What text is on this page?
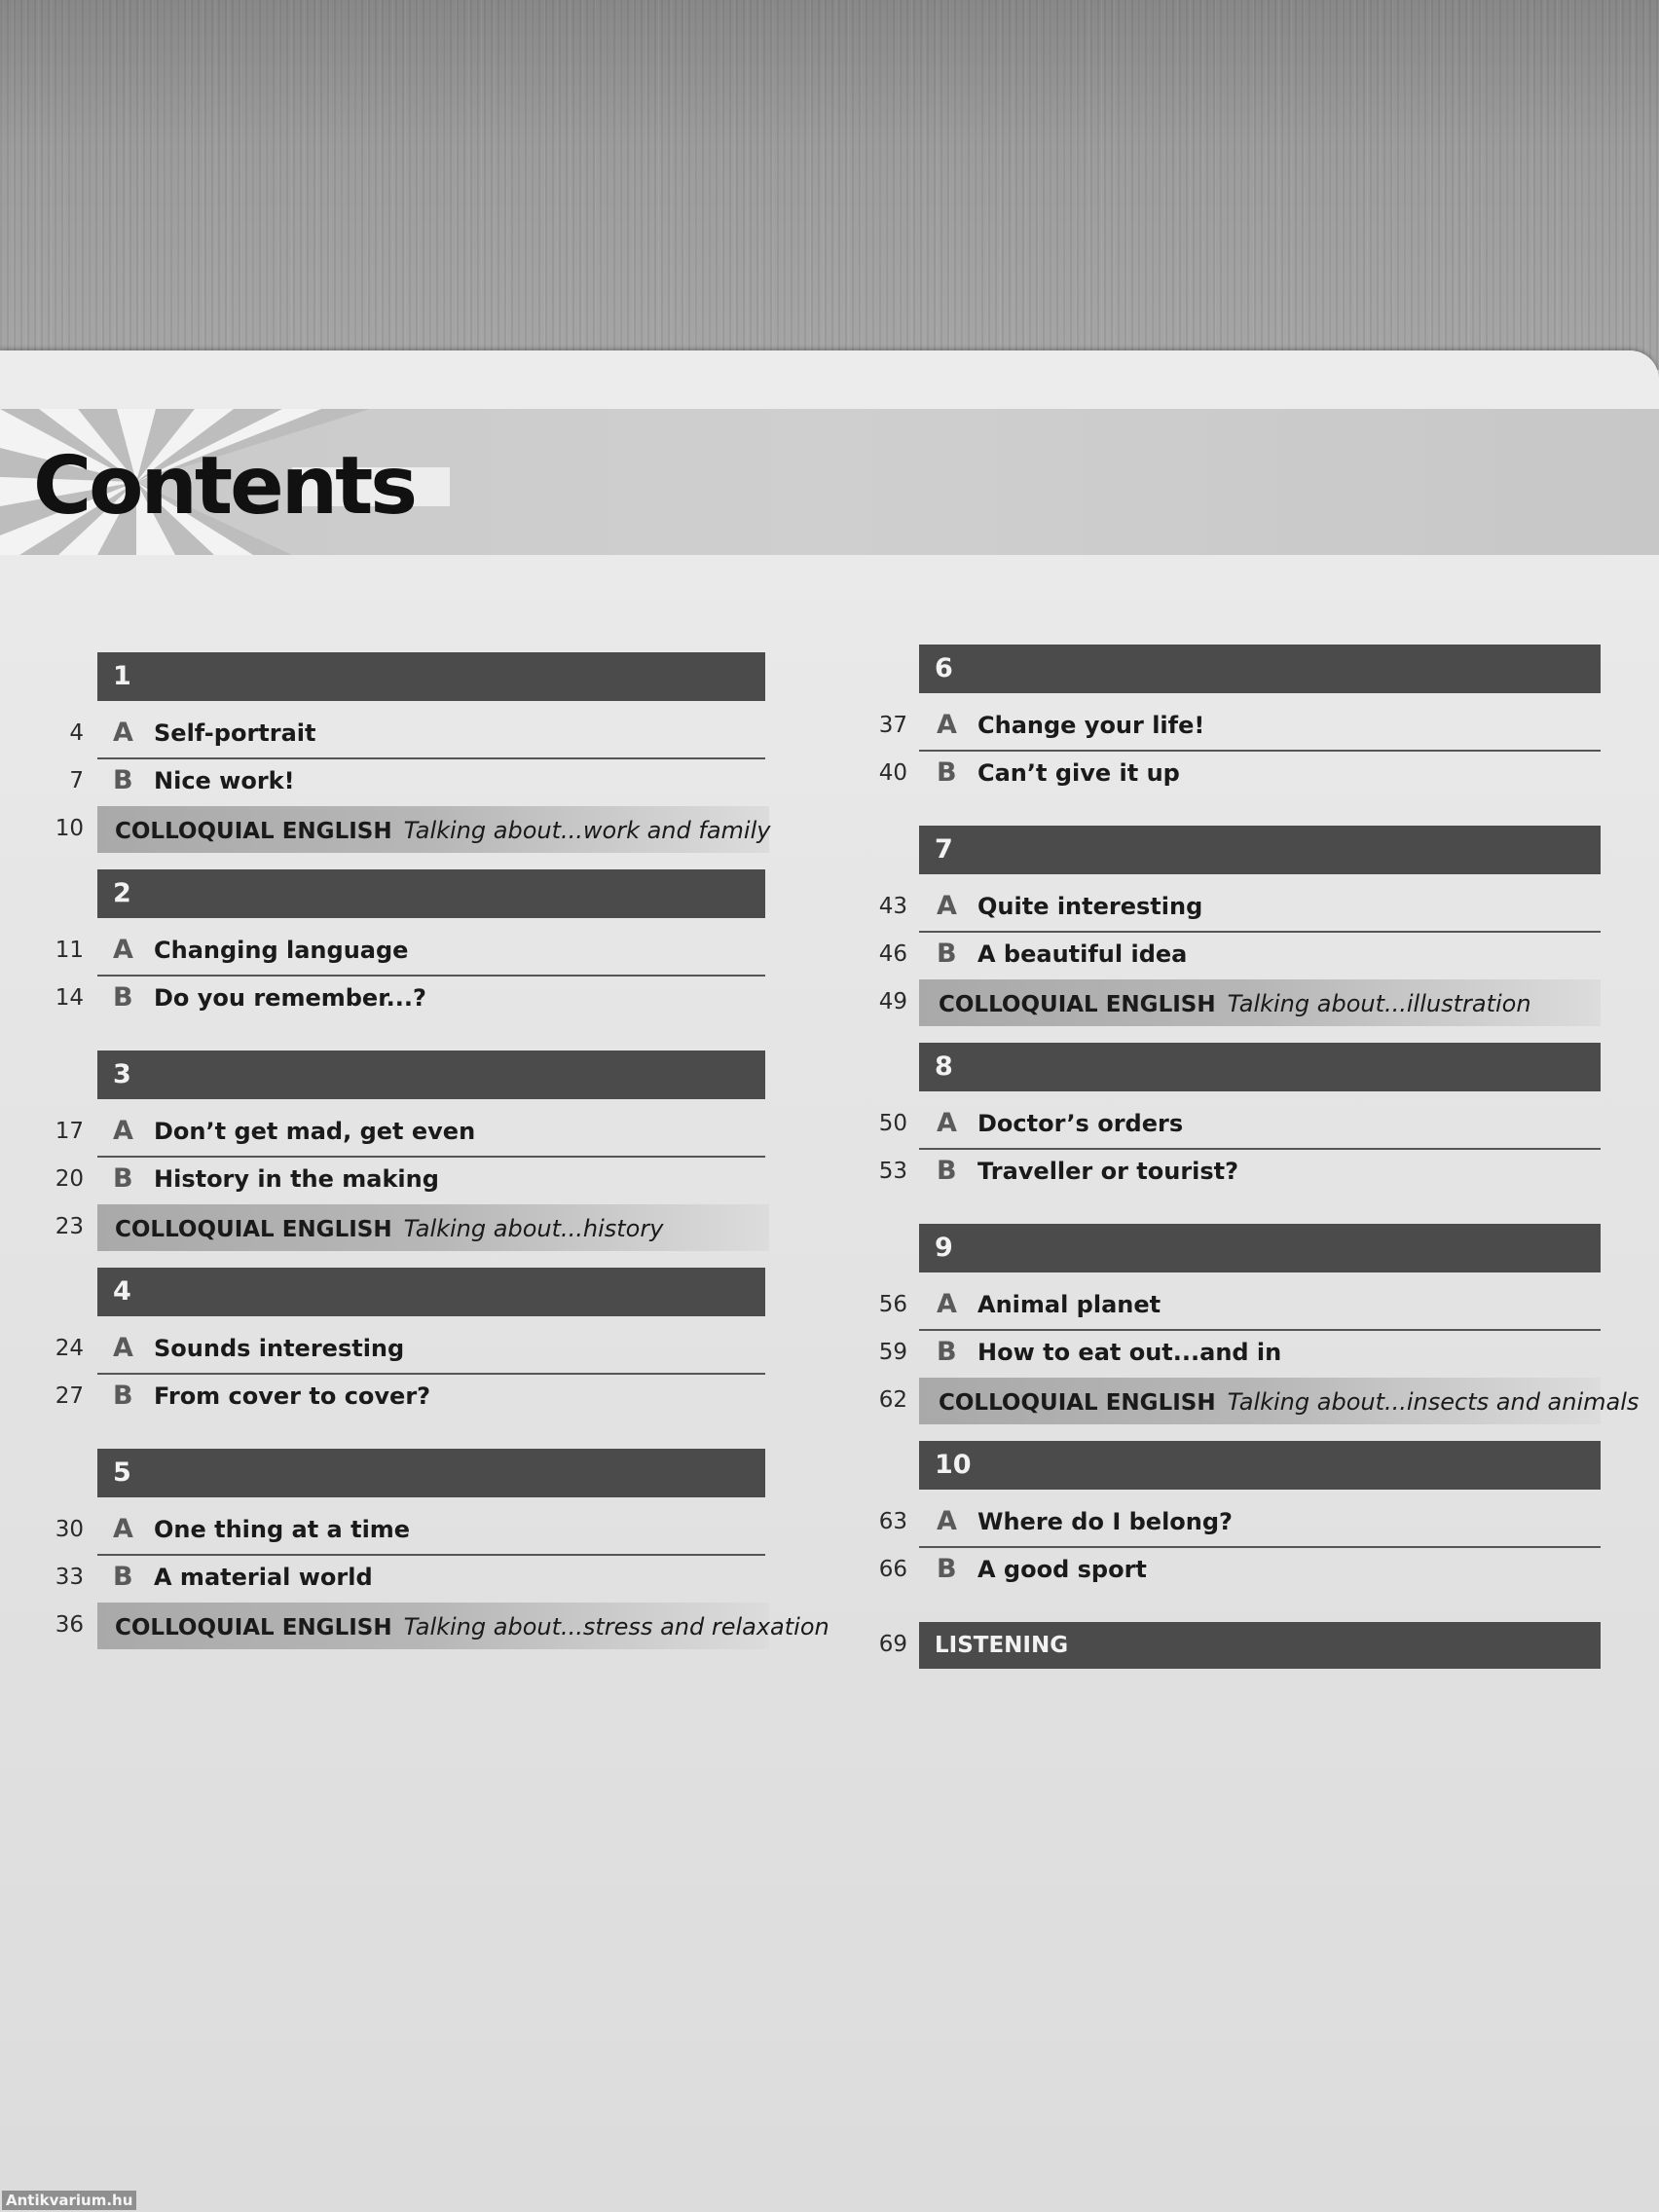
Contents
1
4 A Self-portrait
7 B Nice work!
10 COLLOQUIAL ENGLISH Talking about...work and family
2
11 A Changing language
14 B Do you remember...?
3
17 A Don’t get mad, get even
20 B History in the making
23 COLLOQUIAL ENGLISH Talking about...history
4
24 A Sounds interesting
27 B From cover to cover?
5
30 A One thing at a time
33 B A material world
36 COLLOQUIAL ENGLISH Talking about...stress and relaxation
6
37 A Change your life!
40 B Can’t give it up
7
43 A Quite interesting
46 B A beautiful idea
49 COLLOQUIAL ENGLISH Talking about...illustration
8
50 A Doctor’s orders
53 B Traveller or tourist?
9
56 A Animal planet
59 B How to eat out...and in
62 COLLOQUIAL ENGLISH Talking about...insects and animals
10
63 A Where do I belong?
66 B A good sport
69	LISTENING
Antikvarium.hu
